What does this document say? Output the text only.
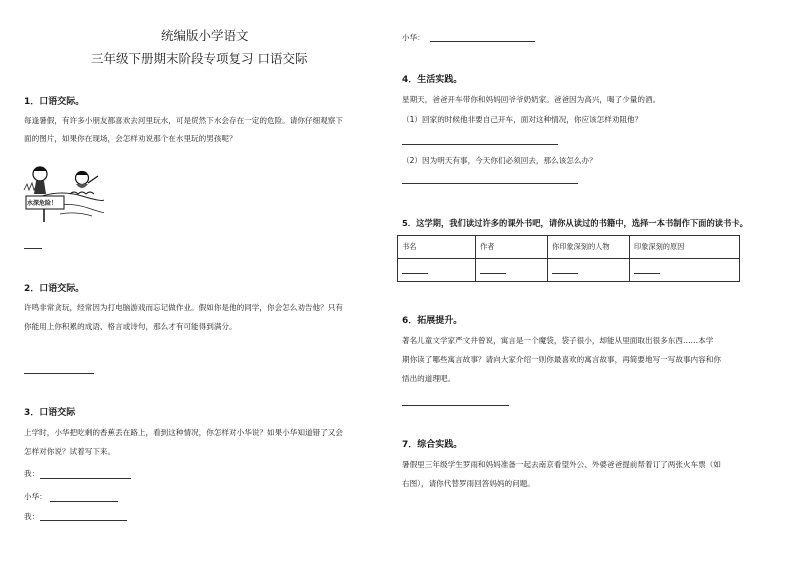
统编版小学语文
三年级下册期末阶段专项复习 口语交际
1．口语交际。
每逢暑假，有许多小朋友都喜欢去河里玩水，可是贸然下水会存在一定的危险。请你仔细观察下
面的图片，如果你在现场，会怎样劝说那个在水里玩的男孩呢？
水深危险！
2．口语交际。
许鸣非常贪玩，经常因为打电脑游戏而忘记做作业。假如你是他的同学，你会怎么劝告他？只有
你能用上你积累的成语、格言或诗句，那么才有可能得到满分。
3．口语交际
上学时，小华把吃剩的香蕉丢在路上，看到这种情况，你怎样对小华说？如果小华知道错了又会
怎样对你说？试着写下来。
我：
小华：
我：
小华：
4．生活实践。
星期天，爸爸开车带你和妈妈回爷爷奶奶家。爸爸因为高兴，喝了少量的酒。
（1）回家的时候他非要自己开车，面对这种情况，你应该怎样劝阻他？
（2）因为明天有事，今天你们必须回去，那么该怎么办？
5．这学期，我们读过许多的课外书吧，请你从读过的书籍中，选择一本书制作下面的读书卡。
书名	作者	你印象深刻的人物	印象深刻的原因

6．拓展提升。
著名儿童文学家严文井曾说，寓言是一个魔袋，袋子很小，却能从里面取出很多东西……本学
期你读了哪些寓言故事？请向大家介绍一则你最喜欢的寓言故事，再简要地写一写故事内容和你
悟出的道理吧。
7．综合实践。
暑假里三年级学生罗雨和妈妈准备一起去南京看望外公、外婆爸爸提前帮着订了两张火车票（如
右图），请你代替罗雨回答妈妈的问题。
